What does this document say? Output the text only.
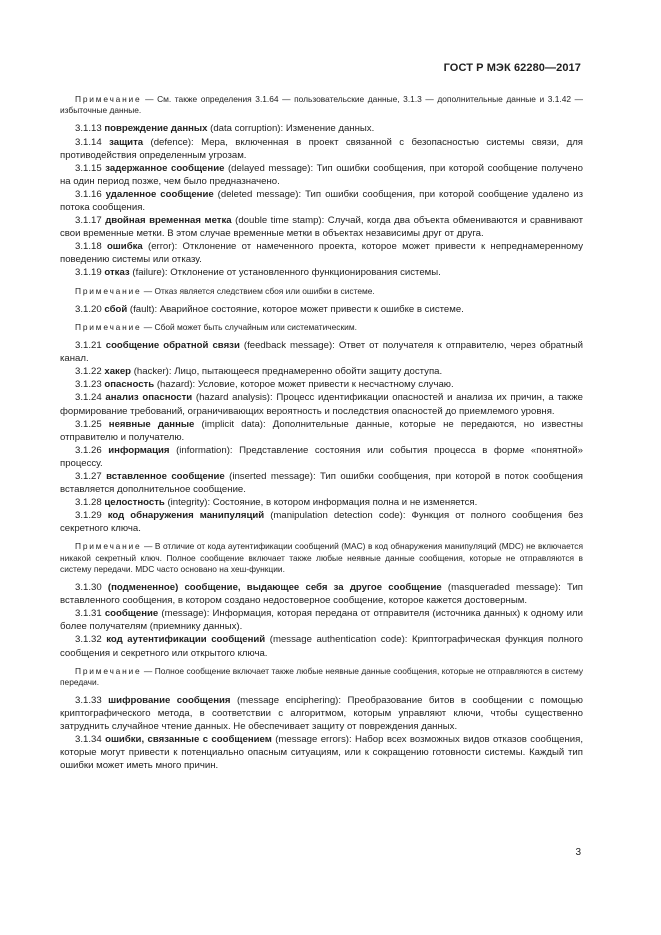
ГОСТ Р МЭК 62280—2017

Примечание — См. также определения 3.1.64 — пользовательские данные, 3.1.3 — дополнительные данные и 3.1.42 — избыточные данные.

3.1.13 повреждение данных (data corruption): Изменение данных.

3.1.14 защита (defence): Мера, включенная в проект связанной с безопасностью системы связи, для противодействия определенным угрозам.

3.1.15 задержанное сообщение (delayed message): Тип ошибки сообщения, при которой сообщение получено на один период позже, чем было предназначено.

3.1.16 удаленное сообщение (deleted message): Тип ошибки сообщения, при которой сообщение удалено из потока сообщения.

3.1.17 двойная временная метка (double time stamp): Случай, когда два объекта обмениваются и сравнивают свои временные метки. В этом случае временные метки в объектах независимы друг от друга.

3.1.18 ошибка (error): Отклонение от намеченного проекта, которое может привести к непреднамеренному поведению системы или отказу.

3.1.19 отказ (failure): Отклонение от установленного функционирования системы.

Примечание — Отказ является следствием сбоя или ошибки в системе.

3.1.20 сбой (fault): Аварийное состояние, которое может привести к ошибке в системе.

Примечание — Сбой может быть случайным или систематическим.

3.1.21 сообщение обратной связи (feedback message): Ответ от получателя к отправителю, через обратный канал.

3.1.22 хакер (hacker): Лицо, пытающееся преднамеренно обойти защиту доступа.

3.1.23 опасность (hazard): Условие, которое может привести к несчастному случаю.

3.1.24 анализ опасности (hazard analysis): Процесс идентификации опасностей и анализа их причин, а также формирование требований, ограничивающих вероятность и последствия опасностей до приемлемого уровня.

3.1.25 неявные данные (implicit data): Дополнительные данные, которые не передаются, но известны отправителю и получателю.

3.1.26 информация (information): Представление состояния или события процесса в форме «понятной» процессу.

3.1.27 вставленное сообщение (inserted message): Тип ошибки сообщения, при которой в поток сообщения вставляется дополнительное сообщение.

3.1.28 целостность (integrity): Состояние, в котором информация полна и не изменяется.

3.1.29 код обнаружения манипуляций (manipulation detection code): Функция от полного сообщения без секретного ключа.

Примечание — В отличие от кода аутентификации сообщений (MAC) в код обнаружения манипуляций (MDC) не включается никакой секретный ключ. Полное сообщение включает также любые неявные данные сообщения, которые не отправляются в систему передачи. MDC часто основано на хеш-функции.

3.1.30 (подмененное) сообщение, выдающее себя за другое сообщение (masqueraded message): Тип вставленного сообщения, в котором создано недостоверное сообщение, которое кажется достоверным.

3.1.31 сообщение (message): Информация, которая передана от отправителя (источника данных) к одному или более получателям (приемнику данных).

3.1.32 код аутентификации сообщений (message authentication code): Криптографическая функция полного сообщения и секретного или открытого ключа.

Примечание — Полное сообщение включает также любые неявные данные сообщения, которые не отправляются в систему передачи.

3.1.33 шифрование сообщения (message enciphering): Преобразование битов в сообщении с помощью криптографического метода, в соответствии с алгоритмом, которым управляют ключи, чтобы существенно затруднить случайное чтение данных. Не обеспечивает защиту от повреждения данных.

3.1.34 ошибки, связанные с сообщением (message errors): Набор всех возможных видов отказов сообщения, которые могут привести к потенциально опасным ситуациям, или к сокращению готовности системы. Каждый тип ошибки может иметь много причин.

3
